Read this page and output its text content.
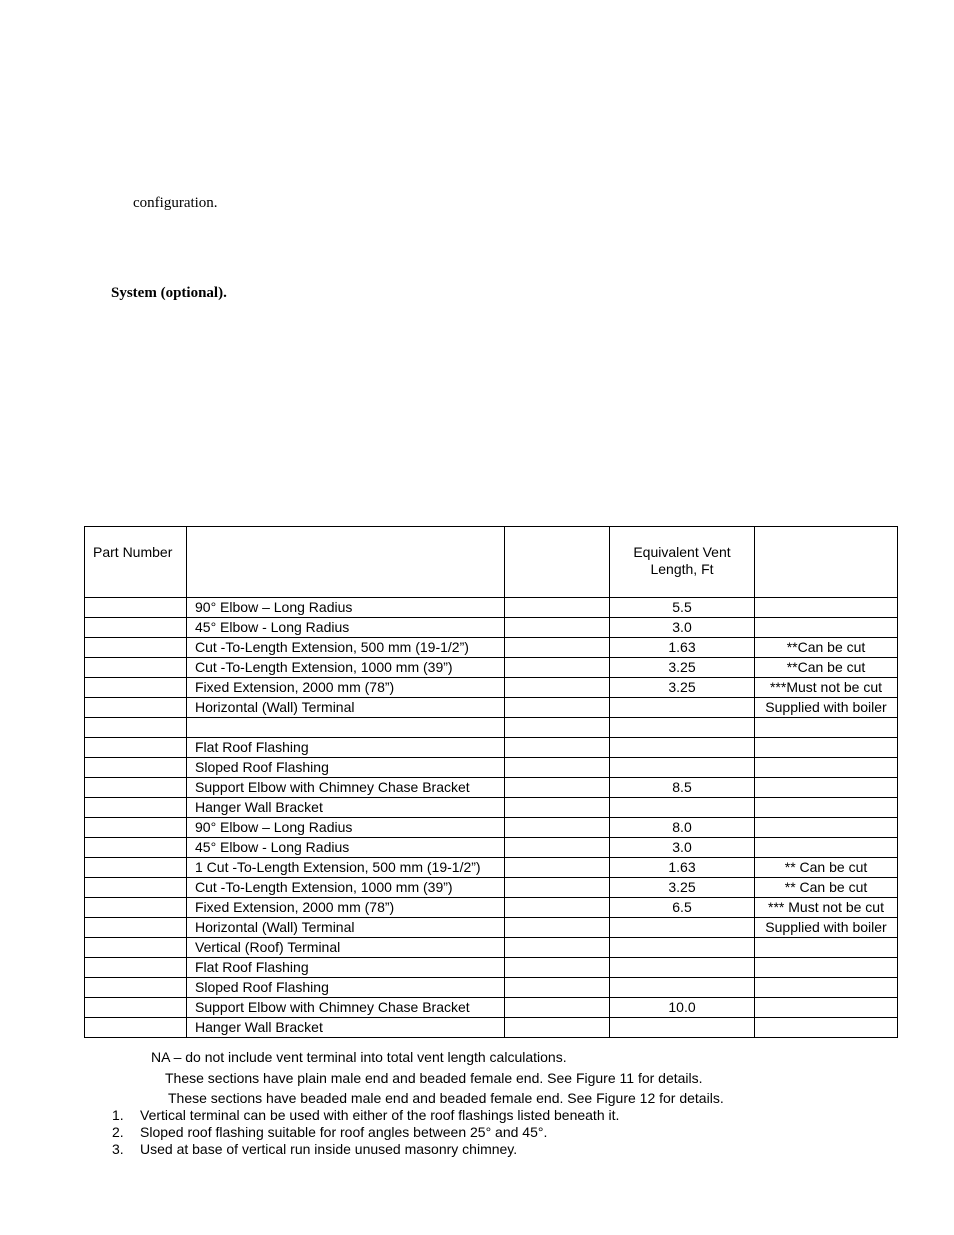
configuration.
System (optional).
Part Number			Equivalent Vent Length, Ft	
	90° Elbow – Long Radius		5.5	
	45° Elbow - Long Radius		3.0	
	Cut -To-Length Extension, 500 mm (19-1/2”)		1.63	**Can be cut
	Cut -To-Length Extension, 1000 mm (39”)		3.25	**Can be cut
	Fixed Extension, 2000 mm (78”)		3.25	***Must not be cut
	Horizontal (Wall) Terminal			Supplied with boiler

	Flat Roof Flashing			
	Sloped Roof Flashing			
	Support Elbow with Chimney Chase Bracket		8.5	
	Hanger Wall Bracket			
	90° Elbow – Long Radius		8.0	
	45° Elbow - Long Radius		3.0	
	1 Cut -To-Length Extension, 500 mm (19-1/2”)		1.63	** Can be cut
	Cut -To-Length Extension, 1000 mm (39”)		3.25	** Can be cut
	Fixed Extension, 2000 mm (78”)		6.5	*** Must not be cut
	Horizontal (Wall) Terminal			Supplied with boiler
	Vertical (Roof) Terminal			
	Flat Roof Flashing			
	Sloped Roof Flashing			
	Support Elbow with Chimney Chase Bracket		10.0	
	Hanger Wall Bracket			
NA – do not include vent terminal into total vent length calculations.
These sections have plain male end and beaded female end. See Figure 11 for details.
These sections have beaded male end and beaded female end. See Figure 12 for details.
1. Vertical terminal can be used with either of the roof flashings listed beneath it.
2. Sloped roof flashing suitable for roof angles between 25° and 45°.
3. Used at base of vertical run inside unused masonry chimney.
